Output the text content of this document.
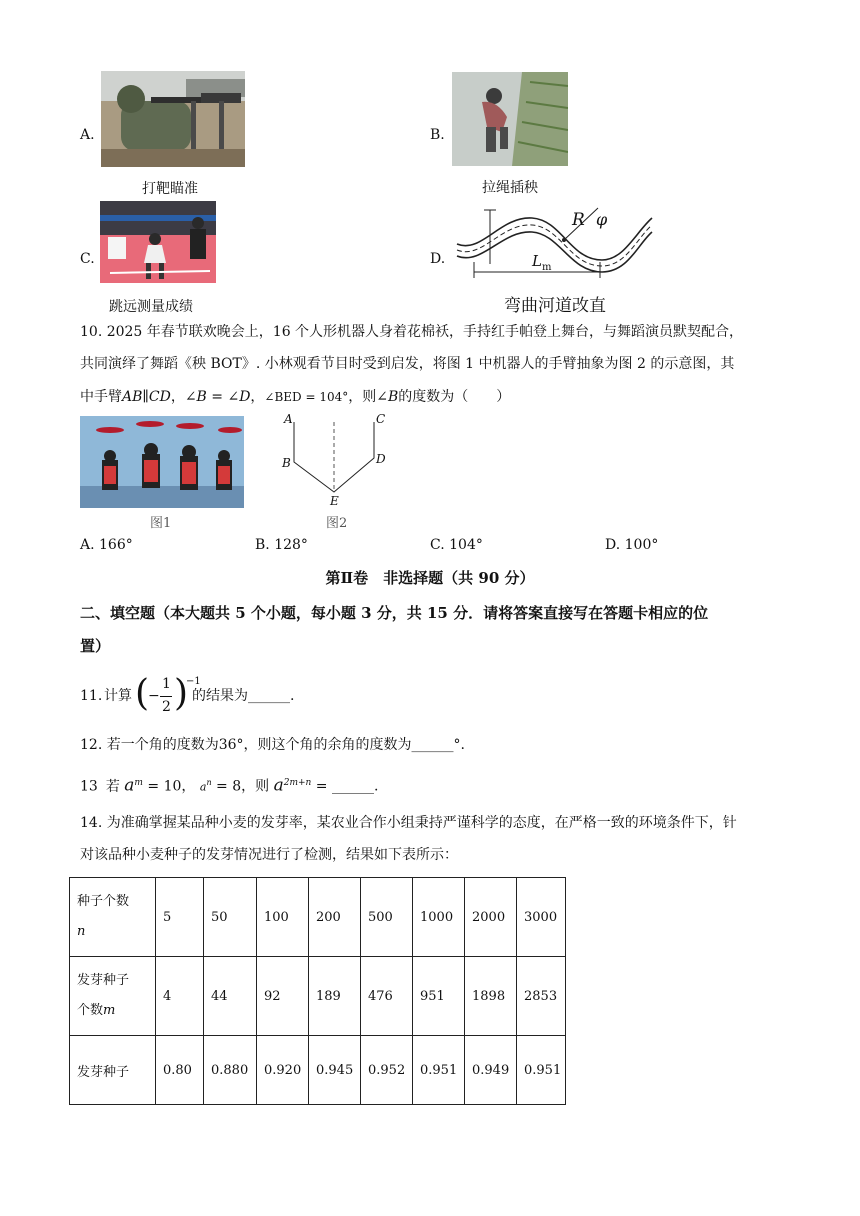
A.
打靶瞄准
B.
拉绳插秧
C.
跳远测量成绩
D.
R φ
$L_m$
弯曲河道改直
10. 2025 年春节联欢晚会上，16 个人形机器人身着花棉袄，手持红手帕登上舞台，与舞蹈演员默契配合，
共同演绎了舞蹈《秧 BOT》. 小林观看节目时受到启发，将图 1 中机器人的手臂抽象为图 2 的示意图，其
中手臂AB∥CD，∠B = ∠D，∠BED = 104°，则∠B的度数为（　　）
图1
A
B
C
D
E
图2
A. 166°	B. 128°	C. 104°	D. 100°
第Ⅱ卷　非选择题（共 90 分）
二、填空题（本大题共 5 个小题，每小题 3 分，共 15 分．请将答案直接写在答题卡相应的位
置）
11. 计算 (
−
1
2 )
−1
的结果为______.
12. 若一个角的度数为36°，则这个角的余角的度数为______°.
13 若 $a^m = 10$， $a^n = 8$，则 $a^{2m+n}$ = ______.
14. 为准确掌握某品种小麦的发芽率，某农业合作小组秉持严谨科学的态度，在严格一致的环境条件下，针
对该品种小麦种子的发芽情况进行了检测，结果如下表所示：
种子个数
n	5	50	100	200	500	1000	2000	3000
发芽种子
个数m	4	44	92	189	476	951	1898	2853
发芽种子	0.80	0.880	0.920	0.945	0.952	0.951	0.949	0.951
